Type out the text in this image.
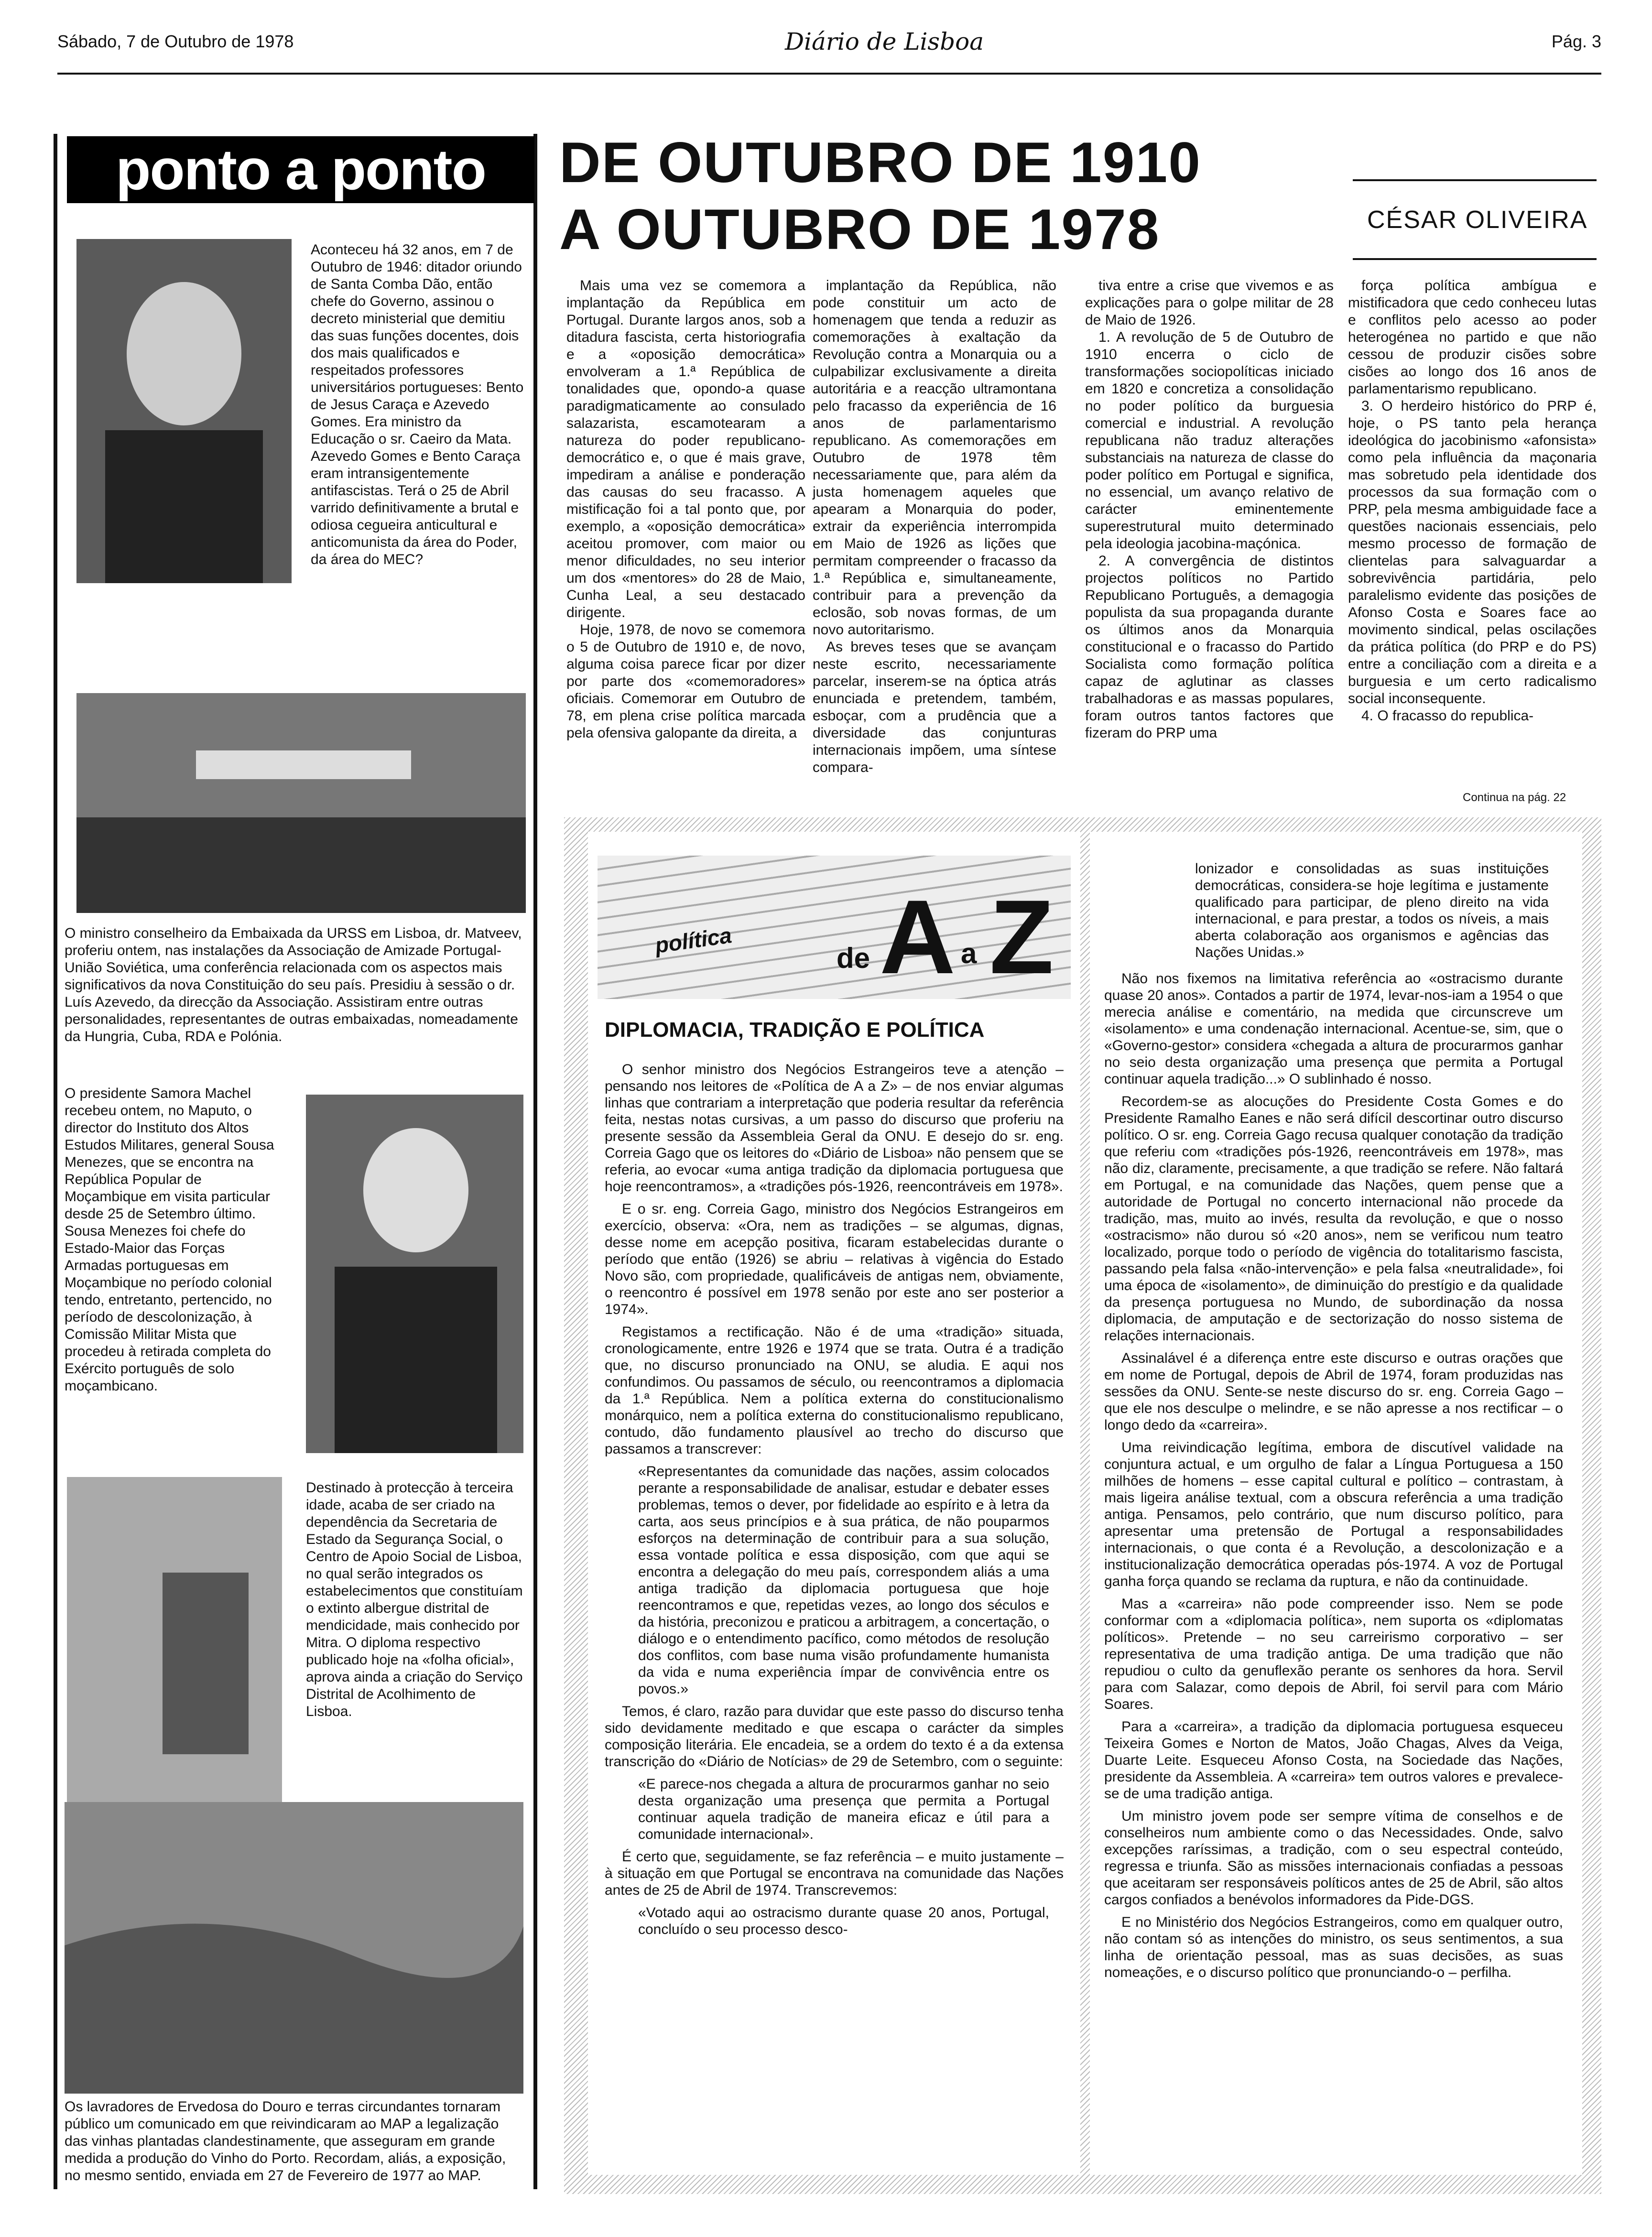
Sábado, 7 de Outubro de 1978	Diário de Lisboa	Pág. 3
ponto a ponto
Aconteceu há 32 anos, em 7 de Outubro de 1946: ditador oriundo de Santa Comba Dão, então chefe do Governo, assinou o decreto ministerial que demitiu das suas funções docentes, dois dos mais qualificados e respeitados professores universitários portugueses: Bento de Jesus Caraça e Azevedo Gomes. Era ministro da Educação o sr. Caeiro da Mata. Azevedo Gomes e Bento Caraça eram intransigentemente antifascistas. Terá o 25 de Abril varrido definitivamente a brutal e odiosa cegueira anticultural e anticomunista da área do Poder, da área do MEC?
O ministro conselheiro da Embaixada da URSS em Lisboa, dr. Matveev, proferiu ontem, nas instalações da Associação de Amizade Portugal-União Soviética, uma conferência relacionada com os aspectos mais significativos da nova Constituição do seu país. Presidiu à sessão o dr. Luís Azevedo, da direcção da Associação. Assistiram entre outras personalidades, representantes de outras embaixadas, nomeadamente da Hungria, Cuba, RDA e Polónia.
O presidente Samora Machel recebeu ontem, no Maputo, o director do Instituto dos Altos Estudos Militares, general Sousa Menezes, que se encontra na República Popular de Moçambique em visita particular desde 25 de Setembro último. Sousa Menezes foi chefe do Estado-Maior das Forças Armadas portuguesas em Moçambique no período colonial tendo, entretanto, pertencido, no período de descolonização, à Comissão Militar Mista que procedeu à retirada completa do Exército português de solo moçambicano.
Destinado à protecção à terceira idade, acaba de ser criado na dependência da Secretaria de Estado da Segurança Social, o Centro de Apoio Social de Lisboa, no qual serão integrados os estabelecimentos que constituíam o extinto albergue distrital de mendicidade, mais conhecido por Mitra. O diploma respectivo publicado hoje na «folha oficial», aprova ainda a criação do Serviço Distrital de Acolhimento de Lisboa.
Os lavradores de Ervedosa do Douro e terras circundantes tornaram público um comunicado em que reivindicaram ao MAP a legalização das vinhas plantadas clandestinamente, que asseguram em grande medida a produção do Vinho do Porto. Recordam, aliás, a exposição, no mesmo sentido, enviada em 27 de Fevereiro de 1977 ao MAP.
DE OUTUBRO DE 1910
A OUTUBRO DE 1978	CÉSAR OLIVEIRA

Mais uma vez se comemora a implantação da República em Portugal. Durante largos anos, sob a ditadura fascista, certa historiografia e a «oposição democrática» envolveram a 1.ª República de tonalidades que, opondo-a quase paradigmaticamente ao consulado salazarista, escamotearam a natureza do poder republicano-democrático e, o que é mais grave, impediram a análise e ponderação das causas do seu fracasso. A mistificação foi a tal ponto que, por exemplo, a «oposição democrática» aceitou promover, com maior ou menor dificuldades, no seu interior um dos «mentores» do 28 de Maio, Cunha Leal, a seu destacado dirigente.

Hoje, 1978, de novo se comemora o 5 de Outubro de 1910 e, de novo, alguma coisa parece ficar por dizer por parte dos «comemoradores» oficiais. Comemorar em Outubro de 78, em plena crise política marcada pela ofensiva galopante da direita, a

implantação da República, não pode constituir um acto de homenagem que tenda a reduzir as comemorações à exaltação da Revolução contra a Monarquia ou a culpabilizar exclusivamente a direita autoritária e a reacção ultramontana pelo fracasso da experiência de 16 anos de parlamentarismo republicano. As comemorações em Outubro de 1978 têm necessariamente que, para além da justa homenagem aqueles que apearam a Monarquia do poder, extrair da experiência interrompida em Maio de 1926 as lições que permitam compreender o fracasso da 1.ª República e, simultaneamente, contribuir para a prevenção da eclosão, sob novas formas, de um novo autoritarismo.

As breves teses que se avançam neste escrito, necessariamente parcelar, inserem-se na óptica atrás enunciada e pretendem, também, esboçar, com a prudência que a diversidade das conjunturas internacionais impõem, uma síntese compara-

tiva entre a crise que vivemos e as explicações para o golpe militar de 28 de Maio de 1926.

1. A revolução de 5 de Outubro de 1910 encerra o ciclo de transformações sociopolíticas iniciado em 1820 e concretiza a consolidação no poder político da burguesia comercial e industrial. A revolução republicana não traduz alterações substanciais na natureza de classe do poder político em Portugal e significa, no essencial, um avanço relativo de carácter eminentemente superestrutural muito determinado pela ideologia jacobina-maçónica.

2. A convergência de distintos projectos políticos no Partido Republicano Português, a demagogia populista da sua propaganda durante os últimos anos da Monarquia constitucional e o fracasso do Partido Socialista como formação política capaz de aglutinar as classes trabalhadoras e as massas populares, foram outros tantos factores que fizeram do PRP uma

força política ambígua e mistificadora que cedo conheceu lutas e conflitos pelo acesso ao poder heterogénea no partido e que não cessou de produzir cisões sobre cisões ao longo dos 16 anos de parlamentarismo republicano.

3. O herdeiro histórico do PRP é, hoje, o PS tanto pela herança ideológica do jacobinismo «afonsista» como pela influência da maçonaria mas sobretudo pela identidade dos processos da sua formação com o PRP, pela mesma ambiguidade face a questões nacionais essenciais, pelo mesmo processo de formação de clientelas para salvaguardar a sobrevivência partidária, pelo paralelismo evidente das posições de Afonso Costa e Soares face ao movimento sindical, pelas oscilações da prática política (do PRP e do PS) entre a conciliação com a direita e a burguesia e um certo radicalismo social inconsequente.

4. O fracasso do republica-

Continua na pág. 22
política
de A a Z
DIPLOMACIA, TRADIÇÃO E POLÍTICA

O senhor ministro dos Negócios Estrangeiros teve a atenção – pensando nos leitores de «Política de A a Z» – de nos enviar algumas linhas que contrariam a interpretação que poderia resultar da referência feita, nestas notas cursivas, a um passo do discurso que proferiu na presente sessão da Assembleia Geral da ONU. E desejo do sr. eng. Correia Gago que os leitores do «Diário de Lisboa» não pensem que se referia, ao evocar «uma antiga tradição da diplomacia portuguesa que hoje reencontramos», a «tradições pós-1926, reencontráveis em 1978».

E o sr. eng. Correia Gago, ministro dos Negócios Estrangeiros em exercício, observa: «Ora, nem as tradições – se algumas, dignas, desse nome em acepção positiva, ficaram estabelecidas durante o período que então (1926) se abriu – relativas à vigência do Estado Novo são, com propriedade, qualificáveis de antigas nem, obviamente, o reencontro é possível em 1978 senão por este ano ser posterior a 1974».

Registamos a rectificação. Não é de uma «tradição» situada, cronologicamente, entre 1926 e 1974 que se trata. Outra é a tradição que, no discurso pronunciado na ONU, se aludia. E aqui nos confundimos. Ou passamos de século, ou reencontramos a diplomacia da 1.ª República. Nem a política externa do constitucionalismo monárquico, nem a política externa do constitucionalismo republicano, contudo, dão fundamento plausível ao trecho do discurso que passamos a transcrever:

«Representantes da comunidade das nações, assim colocados perante a responsabilidade de analisar, estudar e debater esses problemas, temos o dever, por fidelidade ao espírito e à letra da carta, aos seus princípios e à sua prática, de não pouparmos esforços na determinação de contribuir para a sua solução, essa vontade política e essa disposição, com que aqui se encontra a delegação do meu país, correspondem aliás a uma antiga tradição da diplomacia portuguesa que hoje reencontramos e que, repetidas vezes, ao longo dos séculos e da história, preconizou e praticou a arbitragem, a concertação, o diálogo e o entendimento pacífico, como métodos de resolução dos conflitos, com base numa visão profundamente humanista da vida e numa experiência ímpar de convivência entre os povos.»

Temos, é claro, razão para duvidar que este passo do discurso tenha sido devidamente meditado e que escapa o carácter da simples composição literária. Ele encadeia, se a ordem do texto é a da extensa transcrição do «Diário de Notícias» de 29 de Setembro, com o seguinte:

«E parece-nos chegada a altura de procurarmos ganhar no seio desta organização uma presença que permita a Portugal continuar aquela tradição de maneira eficaz e útil para a comunidade internacional».

É certo que, seguidamente, se faz referência – e muito justamente – à situação em que Portugal se encontrava na comunidade das Nações antes de 25 de Abril de 1974. Transcrevemos:

«Votado aqui ao ostracismo durante quase 20 anos, Portugal, concluído o seu processo desco-
lonizador e consolidadas as suas instituições democráticas, considera-se hoje legítima e justamente qualificado para participar, de pleno direito na vida internacional, e para prestar, a todos os níveis, a mais aberta colaboração aos organismos e agências das Nações Unidas.»

Não nos fixemos na limitativa referência ao «ostracismo durante quase 20 anos». Contados a partir de 1974, levar-nos-iam a 1954 o que merecia análise e comentário, na medida que circunscreve um «isolamento» e uma condenação internacional. Acentue-se, sim, que o «Governo-gestor» considera «chegada a altura de procurarmos ganhar no seio desta organização uma presença que permita a Portugal continuar aquela tradição...» O sublinhado é nosso.

Recordem-se as alocuções do Presidente Costa Gomes e do Presidente Ramalho Eanes e não será difícil descortinar outro discurso político. O sr. eng. Correia Gago recusa qualquer conotação da tradição que referiu com «tradições pós-1926, reencontráveis em 1978», mas não diz, claramente, precisamente, a que tradição se refere. Não faltará em Portugal, e na comunidade das Nações, quem pense que a autoridade de Portugal no concerto internacional não procede da tradição, mas, muito ao invés, resulta da revolução, e que o nosso «ostracismo» não durou só «20 anos», nem se verificou num teatro localizado, porque todo o período de vigência do totalitarismo fascista, passando pela falsa «não-intervenção» e pela falsa «neutralidade», foi uma época de «isolamento», de diminuição do prestígio e da qualidade da presença portuguesa no Mundo, de subordinação da nossa diplomacia, de amputação e de sectorização do nosso sistema de relações internacionais.

Assinalável é a diferença entre este discurso e outras orações que em nome de Portugal, depois de Abril de 1974, foram produzidas nas sessões da ONU. Sente-se neste discurso do sr. eng. Correia Gago – que ele nos desculpe o melindre, e se não apresse a nos rectificar – o longo dedo da «carreira».

Uma reivindicação legítima, embora de discutível validade na conjuntura actual, e um orgulho de falar a Língua Portuguesa a 150 milhões de homens – esse capital cultural e político – contrastam, à mais ligeira análise textual, com a obscura referência a uma tradição antiga. Pensamos, pelo contrário, que num discurso político, para apresentar uma pretensão de Portugal a responsabilidades internacionais, o que conta é a Revolução, a descolonização e a institucionalização democrática operadas pós-1974. A voz de Portugal ganha força quando se reclama da ruptura, e não da continuidade.

Mas a «carreira» não pode compreender isso. Nem se pode conformar com a «diplomacia política», nem suporta os «diplomatas políticos». Pretende – no seu carreirismo corporativo – ser representativa de uma tradição antiga. De uma tradição que não repudiou o culto da genuflexão perante os senhores da hora. Servil para com Salazar, como depois de Abril, foi servil para com Mário Soares.

Para a «carreira», a tradição da diplomacia portuguesa esqueceu Teixeira Gomes e Norton de Matos, João Chagas, Alves da Veiga, Duarte Leite. Esqueceu Afonso Costa, na Sociedade das Nações, presidente da Assembleia. A «carreira» tem outros valores e prevalece-se de uma tradição antiga.

Um ministro jovem pode ser sempre vítima de conselhos e de conselheiros num ambiente como o das Necessidades. Onde, salvo excepções raríssimas, a tradição, com o seu espectral conteúdo, regressa e triunfa. São as missões internacionais confiadas a pessoas que aceitaram ser responsáveis políticos antes de 25 de Abril, são altos cargos confiados a benévolos informadores da Pide-DGS.

E no Ministério dos Negócios Estrangeiros, como em qualquer outro, não contam só as intenções do ministro, os seus sentimentos, a sua linha de orientação pessoal, mas as suas decisões, as suas nomeações, e o discurso político que pronunciando-o – perfilha.
